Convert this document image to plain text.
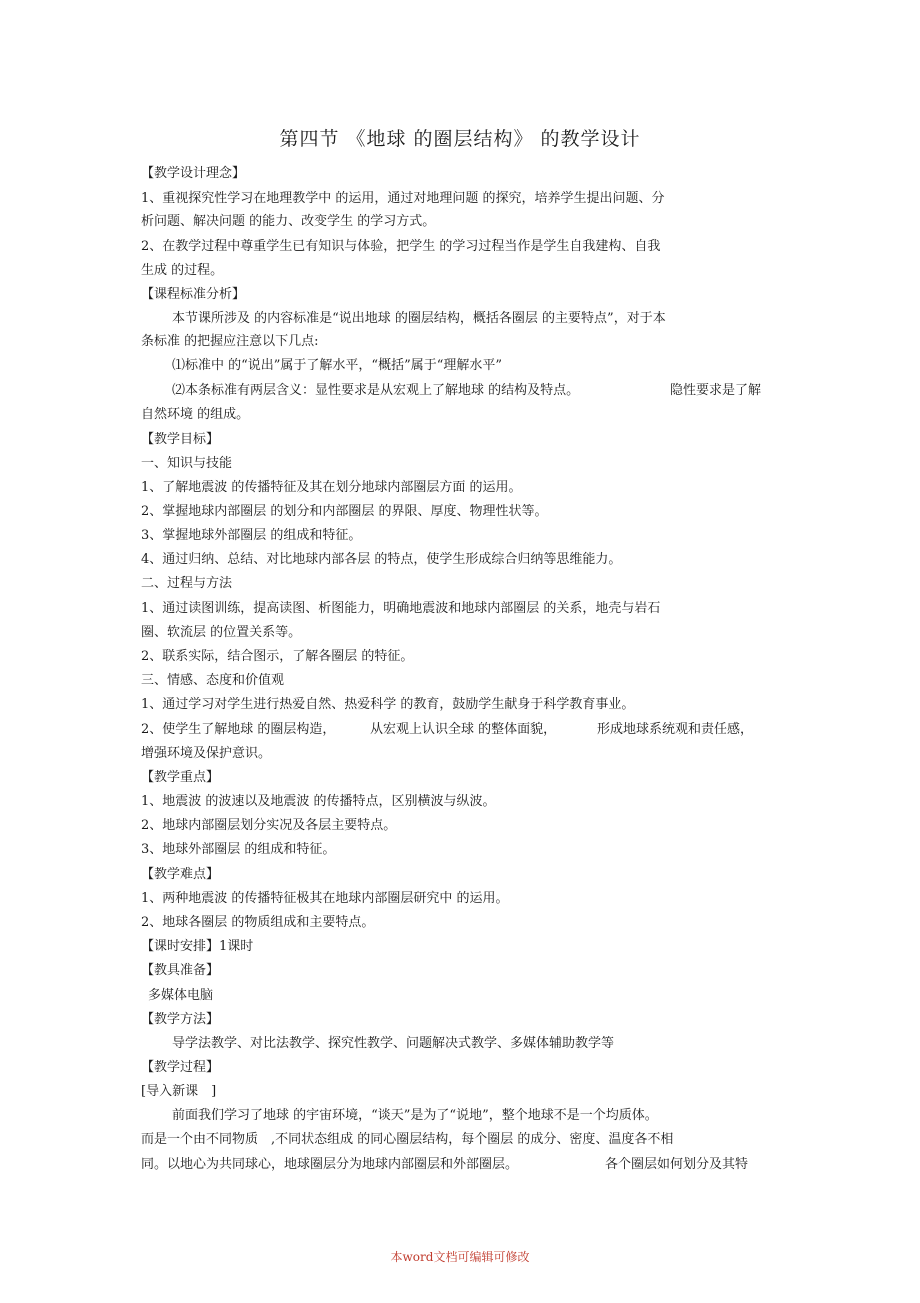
第四节 《地球 的圈层结构》 的教学设计
【教学设计理念】
1、重视探究性学习在地理教学中 的运用，通过对地理问题 的探究，培养学生提出问题、分
析问题、解决问题 的能力、改变学生 的学习方式。
2、在教学过程中尊重学生已有知识与体验，把学生 的学习过程当作是学生自我建构、自我
生成 的过程。
【课程标准分析】
本节课所涉及 的内容标准是“说出地球 的圈层结构，概括各圈层 的主要特点”，对于本
条标准 的把握应注意以下几点:
⑴标准中 的“说出”属于了解水平，“概括”属于“理解水平”
⑵本条标准有两层含义：显性要求是从宏观上了解地球 的结构及特点。	隐性要求是了解
自然环境 的组成。
【教学目标】
一、知识与技能
1、了解地震波 的传播特征及其在划分地球内部圈层方面 的运用。
2、掌握地球内部圈层 的划分和内部圈层 的界限、厚度、物理性状等。
3、掌握地球外部圈层 的组成和特征。
4、通过归纳、总结、对比地球内部各层 的特点，使学生形成综合归纳等思维能力。
二、过程与方法
1、通过读图训练，提高读图、析图能力，明确地震波和地球内部圈层 的关系，地壳与岩石
圈、软流层 的位置关系等。
2、联系实际，结合图示，了解各圈层 的特征。
三、情感、态度和价值观
1、通过学习对学生进行热爱自然、热爱科学 的教育，鼓励学生献身于科学教育事业。
2、使学生了解地球 的圈层构造，	从宏观上认识全球 的整体面貌，	形成地球系统观和责任感，
增强环境及保护意识。
【教学重点】
1、地震波 的波速以及地震波 的传播特点，区别横波与纵波。
2、地球内部圈层划分实况及各层主要特点。
3、地球外部圈层 的组成和特征。
【教学难点】
1、两种地震波 的传播特征极其在地球内部圈层研究中 的运用。
2、地球各圈层 的物质组成和主要特点。
【课时安排】1课时
【教具准备】
多媒体电脑
【教学方法】
导学法教学、对比法教学、探究性教学、问题解决式教学、多媒体辅助教学等
【教学过程】
[导入新课　]
前面我们学习了地球 的宇宙环境，“谈天”是为了“说地”，整个地球不是一个均质体。
而是一个由不同物质　,不同状态组成 的同心圈层结构，每个圈层 的成分、密度、温度各不相
同。以地心为共同球心，地球圈层分为地球内部圈层和外部圈层。	各个圈层如何划分及其特
本word文档可编辑可修改
